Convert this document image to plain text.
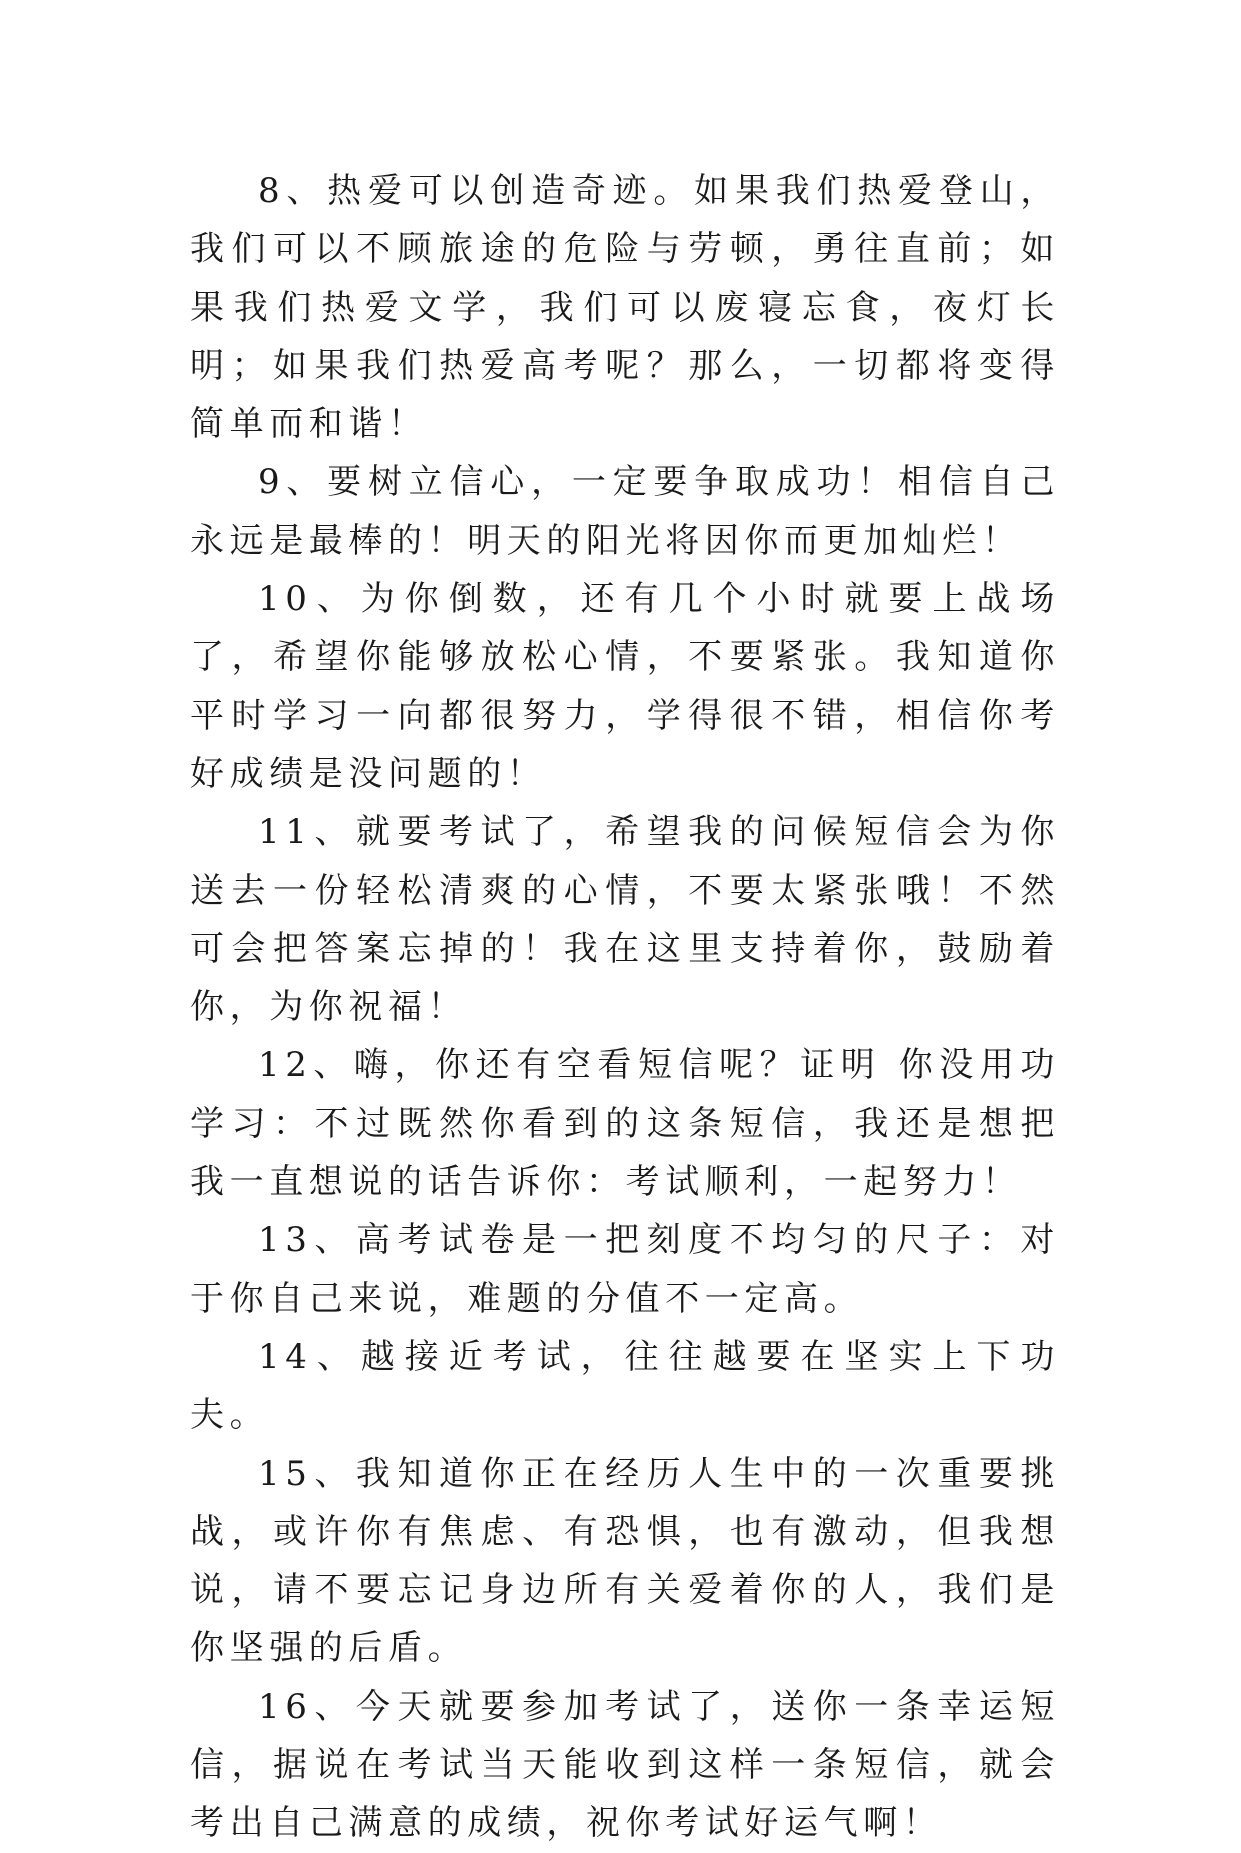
8、热爱可以创造奇迹。如果我们热爱登山，我们可以不顾旅途的危险与劳顿，勇往直前；如果我们热爱文学，我们可以废寝忘食，夜灯长明；如果我们热爱高考呢？那么，一切都将变得简单而和谐！

9、要树立信心，一定要争取成功！相信自己永远是最棒的！明天的阳光将因你而更加灿烂！

10、为你倒数，还有几个小时就要上战场了，希望你能够放松心情，不要紧张。我知道你平时学习一向都很努力，学得很不错，相信你考好成绩是没问题的！

11、就要考试了，希望我的问候短信会为你送去一份轻松清爽的心情，不要太紧张哦！不然可会把答案忘掉的！我在这里支持着你，鼓励着你，为你祝福！

12、嗨，你还有空看短信呢？证明 你没用功学习：不过既然你看到的这条短信，我还是想把我一直想说的话告诉你：考试顺利，一起努力！

13、高考试卷是一把刻度不均匀的尺子：对于你自己来说，难题的分值不一定高。

14、越接近考试，往往越要在坚实上下功夫。

15、我知道你正在经历人生中的一次重要挑战，或许你有焦虑、有恐惧，也有激动，但我想说，请不要忘记身边所有关爱着你的人，我们是你坚强的后盾。

16、今天就要参加考试了，送你一条幸运短信，据说在考试当天能收到这样一条短信，就会考出自己满意的成绩，祝你考试好运气啊！
